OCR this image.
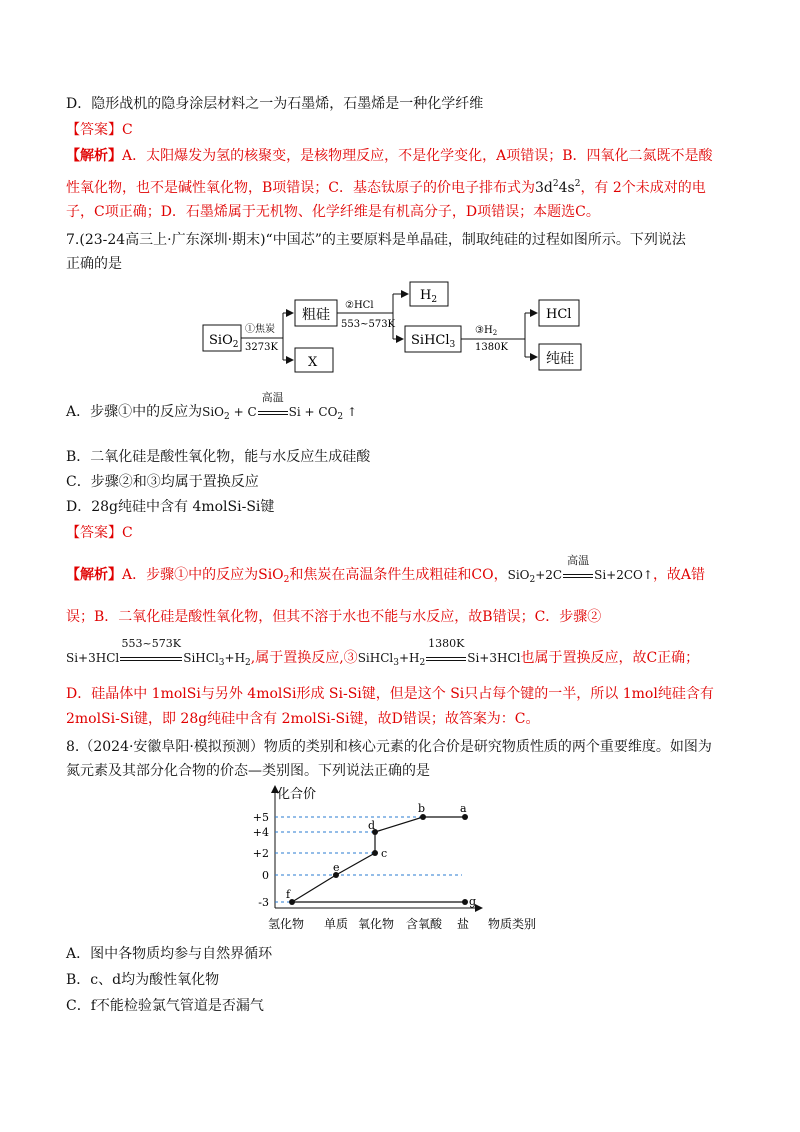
D．隐形战机的隐身涂层材料之一为石墨烯，石墨烯是一种化学纤维
【答案】C
【解析】A．太阳爆发为氢的核聚变，是核物理反应，不是化学变化，A项错误；B．四氧化二氮既不是酸
性氧化物，也不是碱性氧化物，B项错误；C．基态钛原子的价电子排布式为$3d^24s^2$，有 2个未成对的电
子，C项正确；D．石墨烯属于无机物、化学纤维是有机高分子，D项错误；本题选C。
7.(23-24高三上·广东深圳·期末)“中国芯”的主要原料是单晶硅，制取纯硅的过程如图所示。下列说法
正确的是
SiO$_2$
①焦炭
3273K
粗硅
X
②HCl
553~573K
$H_2$
SiHCl$_3$
$③H_2$
1380K
HCl
纯硅
A．步骤①中的反应为SiO$_2$ + C
高温
$Si + CO_2$ ↑
B．二氧化硅是酸性氧化物，能与水反应生成硅酸
C．步骤②和③均属于置换反应
D．28g纯硅中含有 4molSi-Si键
【答案】C
【解析】A．步骤①中的反应为SiO$_2$和焦炭在高温条件生成粗硅和CO，SiO$_2$+2C
高温
Si+2CO↑，故A错
误；B．二氧化硅是酸性氧化物，但其不溶于水也不能与水反应，故B错误；C．步骤②
Si+3HCl
553~573K
$SiHCl_3+H_2$,属于置换反应$,③SiHCl_3+H_2$
1380K
Si+3HCl也属于置换反应，故C正确；
D．硅晶体中 1molSi与另外 4molSi形成 Si-Si键，但是这个 Si只占每个键的一半，所以 1mol纯硅含有
2molSi-Si键，即 28g纯硅中含有 2molSi-Si键，故D错误；故答案为：C。
8.（2024·安徽阜阳·模拟预测）物质的类别和核心元素的化合价是研究物质性质的两个重要维度。如图为
氮元素及其部分化合物的价态—类别图。下列说法正确的是
f
e
c
d
b	a
g
化合价
+5
+4
+2
0
-3
氢化物 单质 氧化物 含氧酸 盐 物质类别
A．图中各物质均参与自然界循环
B．c、d均为酸性氧化物
C．f不能检验氯气管道是否漏气
